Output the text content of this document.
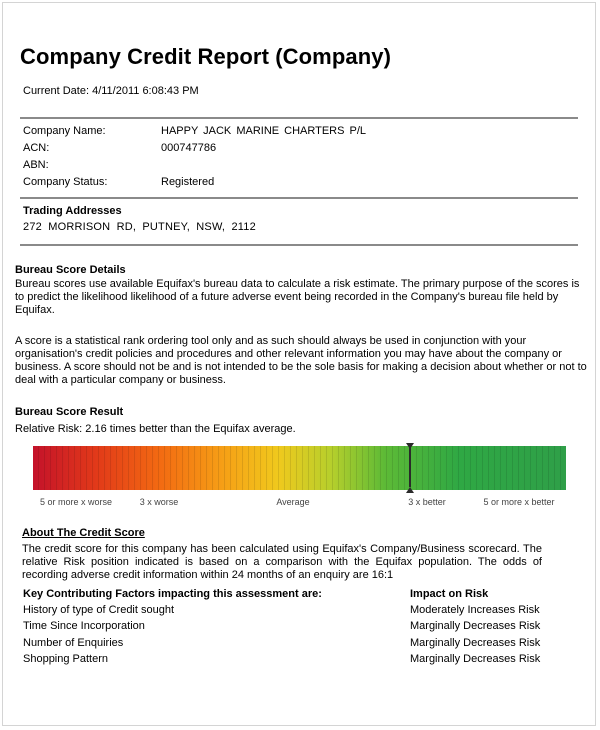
Company Credit Report (Company)
Current Date: 4/11/2011 6:08:43 PM
Company Name:	HAPPY JACK MARINE CHARTERS P/L
ACN:	000747786
ABN:
Company Status:	Registered
Trading Addresses
272 MORRISON RD, PUTNEY, NSW, 2112
Bureau Score Details
Bureau scores use available Equifax's bureau data to calculate a risk estimate. The primary purpose of the scores is to predict the likelihood likelihood of a future adverse event being recorded in the Company's bureau file held by Equifax.
A score is a statistical rank ordering tool only and as such should always be used in conjunction with your organisation's credit policies and procedures and other relevant information you may have about the company or business. A score should not be and is not intended to be the sole basis for making a decision about whether or not to deal with a particular company or business.
Bureau Score Result
Relative Risk: 2.16 times better than the Equifax average.
5 or more x worse	3 x worse	Average	3 x better	5 or more x better
About The Credit Score
The credit score for this company has been calculated using Equifax's Company/Business scorecard. The relative Risk position indicated is based on a comparison with the Equifax population. The odds of recording adverse credit information within 24 months of an enquiry are 16:1
Key Contributing Factors impacting this assessment are:	Impact on Risk
History of type of Credit sought	Moderately Increases Risk
Time Since Incorporation	Marginally Decreases Risk
Number of Enquiries	Marginally Decreases Risk
Shopping Pattern	Marginally Decreases Risk
